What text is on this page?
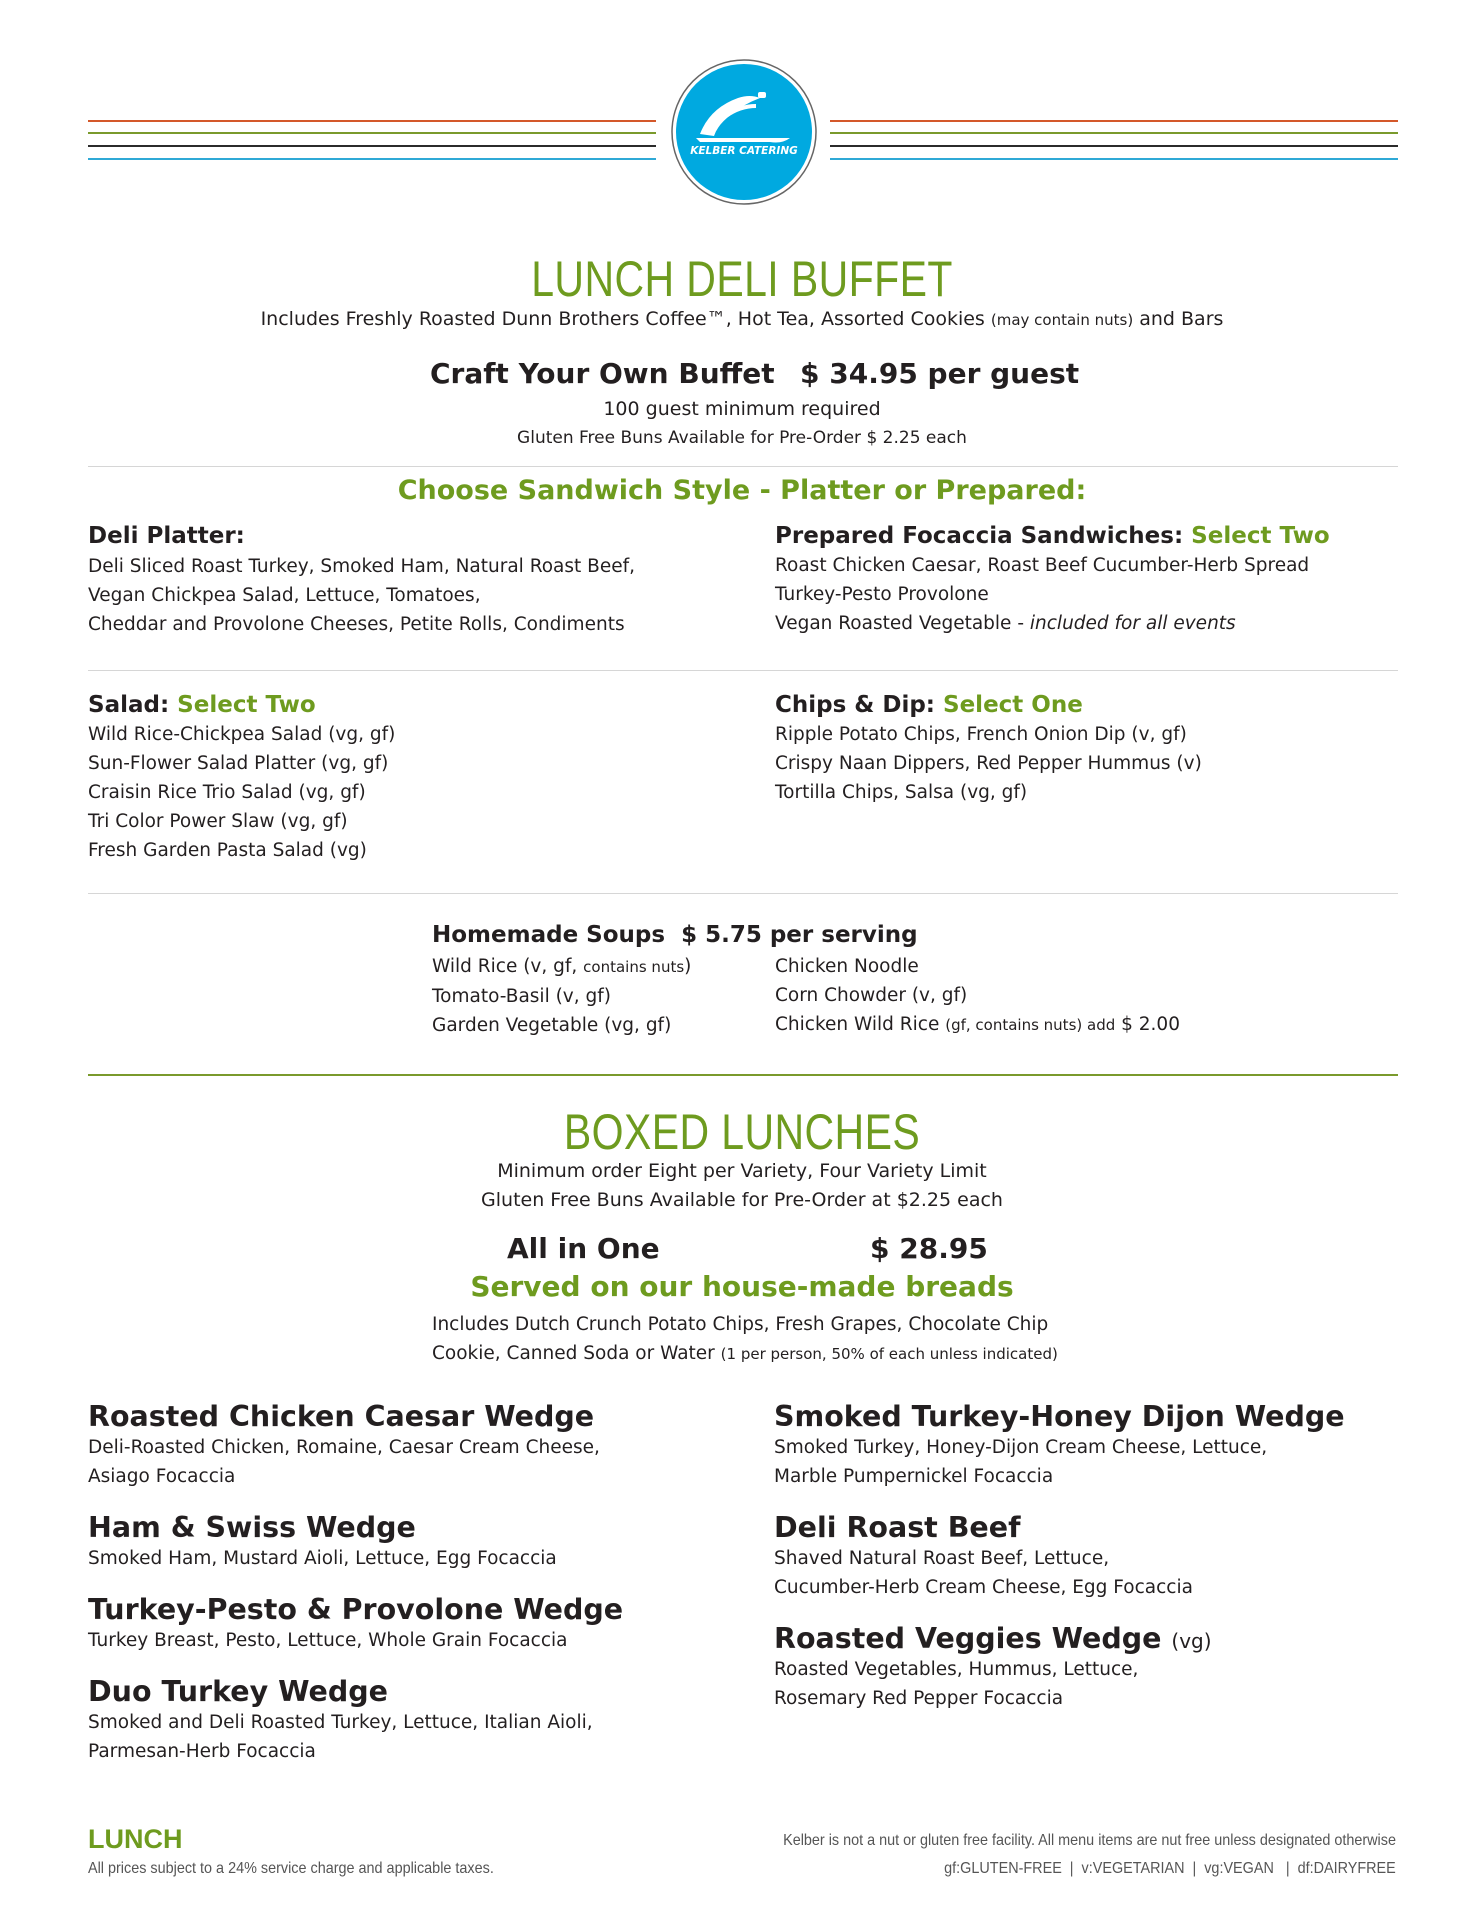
KELBER CATERING
LUNCH DELI BUFFET
Includes Freshly Roasted Dunn Brothers Coffee™, Hot Tea, Assorted Cookies (may contain nuts) and Bars
Craft Your Own Buffet $ 34.95 per guest
100 guest minimum required
Gluten Free Buns Available for Pre-Order $ 2.25 each
Choose Sandwich Style - Platter or Prepared:
Deli Platter:
Deli Sliced Roast Turkey, Smoked Ham, Natural Roast Beef,
Vegan Chickpea Salad, Lettuce, Tomatoes,
Cheddar and Provolone Cheeses, Petite Rolls, Condiments
Prepared Focaccia Sandwiches: Select Two
Roast Chicken Caesar, Roast Beef Cucumber-Herb Spread
Turkey-Pesto Provolone
Vegan Roasted Vegetable - included for all events
Salad: Select Two
Wild Rice-Chickpea Salad (vg, gf)
Sun-Flower Salad Platter (vg, gf)
Craisin Rice Trio Salad (vg, gf)
Tri Color Power Slaw (vg, gf)
Fresh Garden Pasta Salad (vg)
Chips & Dip: Select One
Ripple Potato Chips, French Onion Dip (v, gf)
Crispy Naan Dippers, Red Pepper Hummus (v)
Tortilla Chips, Salsa (vg, gf)
Homemade Soups  $ 5.75 per serving
Wild Rice (v, gf, contains nuts)
Tomato-Basil (v, gf)
Garden Vegetable (vg, gf)
Chicken Noodle
Corn Chowder (v, gf)
Chicken Wild Rice (gf, contains nuts) add $ 2.00
BOXED LUNCHES
Minimum order Eight per Variety, Four Variety Limit
Gluten Free Buns Available for Pre-Order at $2.25 each
All in One	$ 28.95
Served on our house-made breads
Includes Dutch Crunch Potato Chips, Fresh Grapes, Chocolate Chip
Cookie, Canned Soda or Water (1 per person, 50% of each unless indicated)
Roasted Chicken Caesar Wedge
Deli-Roasted Chicken, Romaine, Caesar Cream Cheese,
Asiago Focaccia
Ham & Swiss Wedge
Smoked Ham, Mustard Aioli, Lettuce, Egg Focaccia
Turkey-Pesto & Provolone Wedge
Turkey Breast, Pesto, Lettuce, Whole Grain Focaccia
Duo Turkey Wedge
Smoked and Deli Roasted Turkey, Lettuce, Italian Aioli,
Parmesan-Herb Focaccia
Smoked Turkey-Honey Dijon Wedge
Smoked Turkey, Honey-Dijon Cream Cheese, Lettuce,
Marble Pumpernickel Focaccia
Deli Roast Beef
Shaved Natural Roast Beef, Lettuce,
Cucumber-Herb Cream Cheese, Egg Focaccia
Roasted Veggies Wedge (vg)
Roasted Vegetables, Hummus, Lettuce,
Rosemary Red Pepper Focaccia
LUNCH
All prices subject to a 24% service charge and applicable taxes.
Kelber is not a nut or gluten free facility. All menu items are nut free unless designated otherwise
gf:GLUTEN-FREE  |  v:VEGETARIAN  |  vg:VEGAN   |  df:DAIRYFREE
